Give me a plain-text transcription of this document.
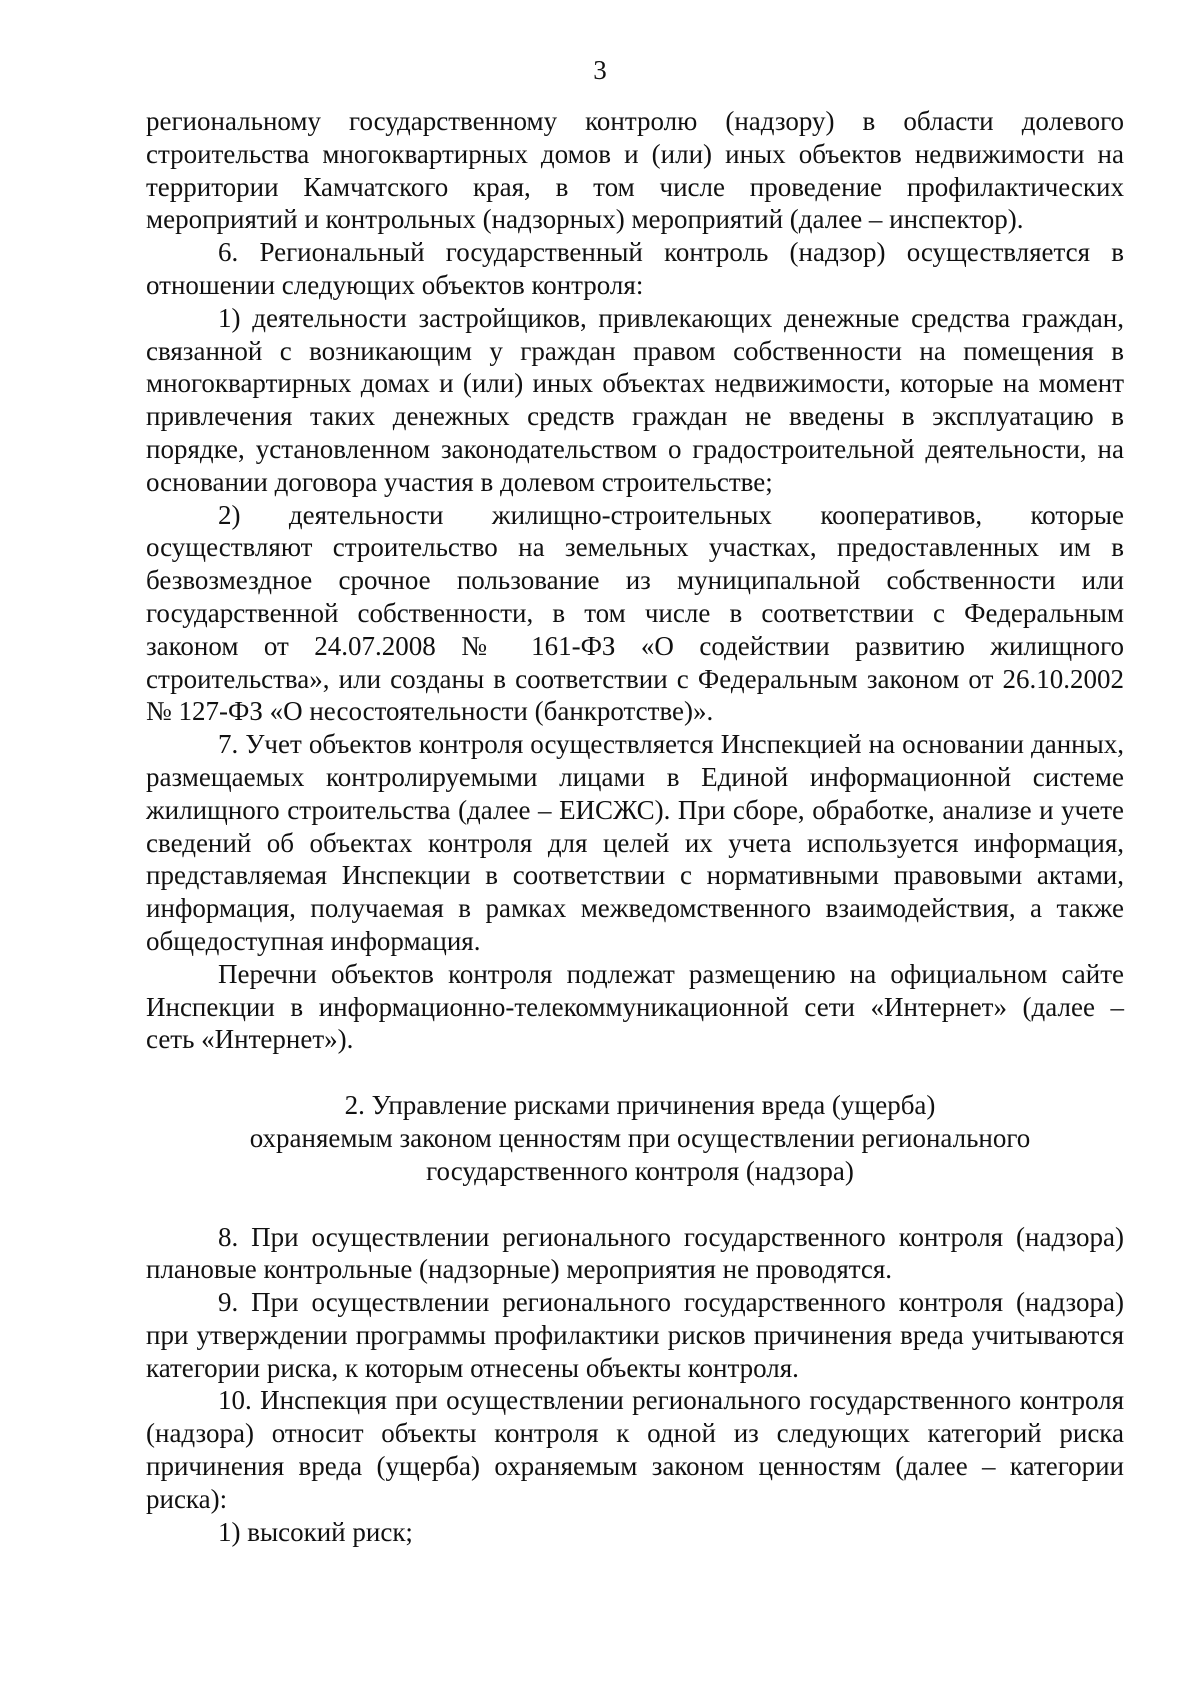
3

региональному государственному контролю (надзору) в области долевого строительства многоквартирных домов и (или) иных объектов недвижимости на территории Камчатского края, в том числе проведение профилактических мероприятий и контрольных (надзорных) мероприятий (далее – инспектор).

6. Региональный государственный контроль (надзор) осуществляется в отношении следующих объектов контроля:

1) деятельности застройщиков, привлекающих денежные средства граждан, связанной с возникающим у граждан правом собственности на помещения в многоквартирных домах и (или) иных объектах недвижимости, которые на момент привлечения таких денежных средств граждан не введены в эксплуатацию в порядке, установленном законодательством о градостроительной деятельности, на основании договора участия в долевом строительстве;

2) деятельности жилищно-строительных кооперативов, которые осуществляют строительство на земельных участках, предоставленных им в безвозмездное срочное пользование из муниципальной собственности или государственной собственности, в том числе в соответствии с Федеральным законом от 24.07.2008 № 161-ФЗ «О содействии развитию жилищного строительства», или созданы в соответствии с Федеральным законом от 26.10.2002 № 127-ФЗ «О несостоятельности (банкротстве)».

7. Учет объектов контроля осуществляется Инспекцией на основании данных, размещаемых контролируемыми лицами в Единой информационной системе жилищного строительства (далее – ЕИСЖС). При сборе, обработке, анализе и учете сведений об объектах контроля для целей их учета используется информация, представляемая Инспекции в соответствии с нормативными правовыми актами, информация, получаемая в рамках межведомственного взаимодействия, а также общедоступная информация.

Перечни объектов контроля подлежат размещению на официальном сайте Инспекции в информационно-телекоммуникационной сети «Интернет» (далее – сеть «Интернет»).

2. Управление рисками причинения вреда (ущерба)
охраняемым законом ценностям при осуществлении регионального
государственного контроля (надзора)

8. При осуществлении регионального государственного контроля (надзора) плановые контрольные (надзорные) мероприятия не проводятся.

9. При осуществлении регионального государственного контроля (надзора) при утверждении программы профилактики рисков причинения вреда учитываются категории риска, к которым отнесены объекты контроля.

10. Инспекция при осуществлении регионального государственного контроля (надзора) относит объекты контроля к одной из следующих категорий риска причинения вреда (ущерба) охраняемым законом ценностям (далее – категории риска):

1) высокий риск;
